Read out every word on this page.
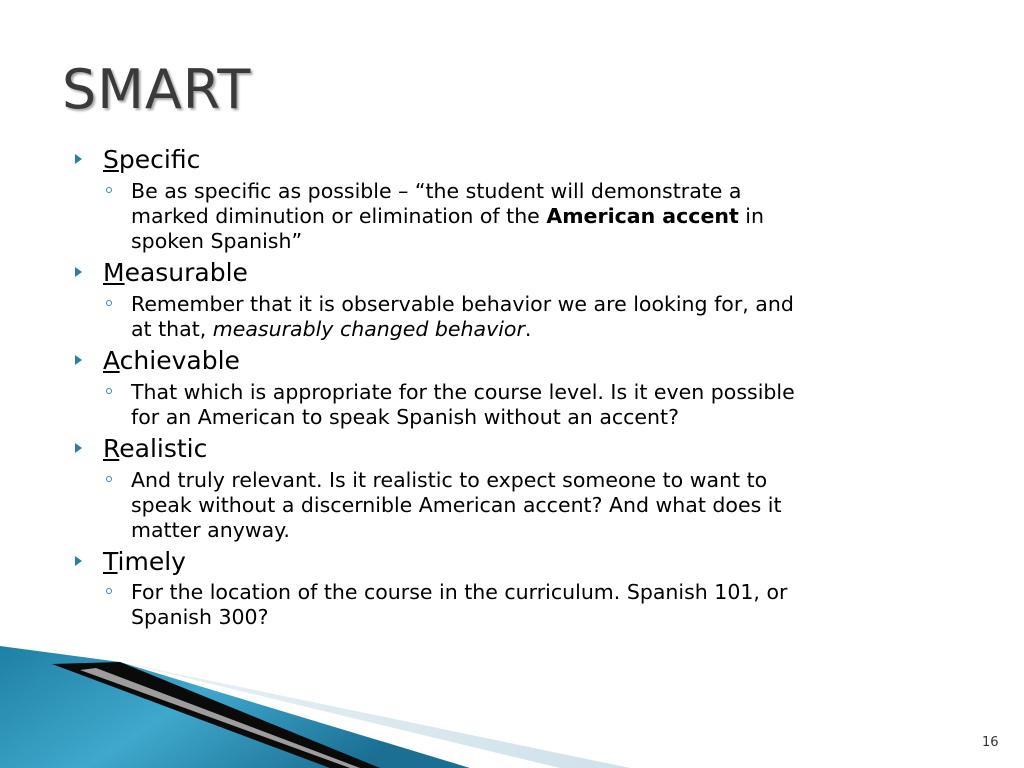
SMART
Specific
Be as specific as possible – “the student will demonstrate a
marked diminution or elimination of the American accent in
spoken Spanish”
Measurable
Remember that it is observable behavior we are looking for, and
at that, measurably changed behavior.
Achievable
That which is appropriate for the course level. Is it even possible
for an American to speak Spanish without an accent?
Realistic
And truly relevant. Is it realistic to expect someone to want to
speak without a discernible American accent? And what does it
matter anyway.
Timely
For the location of the course in the curriculum. Spanish 101, or
Spanish 300?
16
